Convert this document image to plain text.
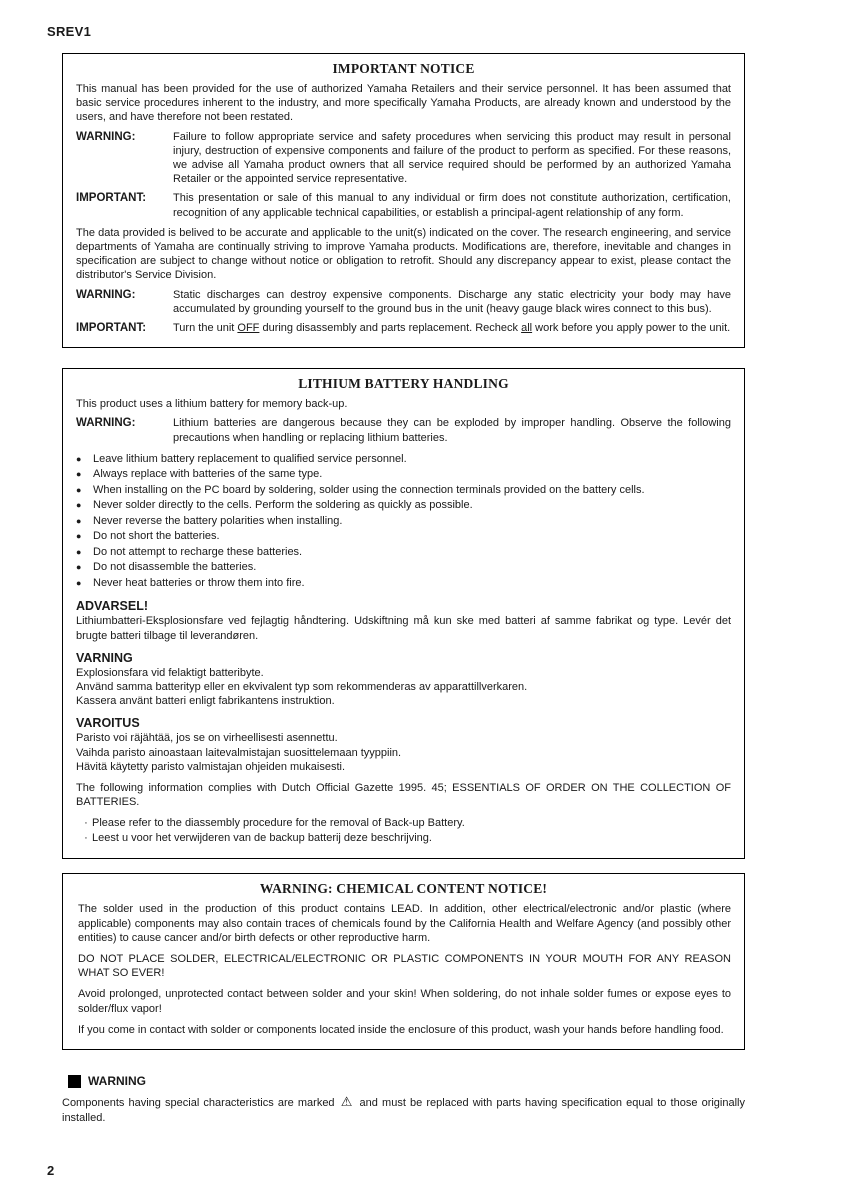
SREV1
IMPORTANT NOTICE
This manual has been provided for the use of authorized Yamaha Retailers and their service personnel. It has been assumed that basic service procedures inherent to the industry, and more specifically Yamaha Products, are already known and understood by the users, and have therefore not been restated.
WARNING:	Failure to follow appropriate service and safety procedures when servicing this product may result in personal injury, destruction of expensive components and failure of the product to perform as specified. For these reasons, we advise all Yamaha product owners that all service required should be performed by an authorized Yamaha Retailer or the appointed service representative.
IMPORTANT:	This presentation or sale of this manual to any individual or firm does not constitute authorization, certification, recognition of any applicable technical capabilities, or establish a principal-agent relationship of any form.
The data provided is belived to be accurate and applicable to the unit(s) indicated on the cover. The research engineering, and service departments of Yamaha are continually striving to improve Yamaha products. Modifications are, therefore, inevitable and changes in specification are subject to change without notice or obligation to retrofit. Should any discrepancy appear to exist, please contact the distributor's Service Division.
WARNING:	Static discharges can destroy expensive components. Discharge any static electricity your body may have accumulated by grounding yourself to the ground bus in the unit (heavy gauge black wires connect to this bus).
IMPORTANT:	Turn the unit OFF during disassembly and parts replacement. Recheck all work before you apply power to the unit.
LITHIUM BATTERY HANDLING
This product uses a lithium battery for memory back-up.
WARNING:	Lithium batteries are dangerous because they can be exploded by improper handling. Observe the following precautions when handling or replacing lithium batteries.
●	Leave lithium battery replacement to qualified service personnel.
●	Always replace with batteries of the same type.
●	When installing on the PC board by soldering, solder using the connection terminals provided on the battery cells.
●	Never solder directly to the cells. Perform the soldering as quickly as possible.
●	Never reverse the battery polarities when installing.
●	Do not short the batteries.
●	Do not attempt to recharge these batteries.
●	Do not disassemble the batteries.
●	Never heat batteries or throw them into fire.
ADVARSEL!
Lithiumbatteri-Eksplosionsfare ved fejlagtig håndtering. Udskiftning må kun ske med batteri af samme fabrikat og type. Levér det brugte batteri tilbage til leverandøren.
VARNING
Explosionsfara vid felaktigt batteribyte.
Använd samma batterityp eller en ekvivalent typ som rekommenderas av apparattillverkaren.
Kassera använt batteri enligt fabrikantens instruktion.
VAROITUS
Paristo voi räjähtää, jos se on virheellisesti asennettu.
Vaihda paristo ainoastaan laitevalmistajan suosittelemaan tyyppiin.
Hävitä käytetty paristo valmistajan ohjeiden mukaisesti.
The following information complies with Dutch Official Gazette 1995. 45; ESSENTIALS OF ORDER ON THE COLLECTION OF BATTERIES.
· Please refer to the diassembly procedure for the removal of Back-up Battery.
· Leest u voor het verwijderen van de backup batterij deze beschrijving.
WARNING: CHEMICAL CONTENT NOTICE!
The solder used in the production of this product contains LEAD. In addition, other electrical/electronic and/or plastic (where applicable) components may also contain traces of chemicals found by the California Health and Welfare Agency (and possibly other entities) to cause cancer and/or birth defects or other reproductive harm.
DO NOT PLACE SOLDER, ELECTRICAL/ELECTRONIC OR PLASTIC COMPONENTS IN YOUR MOUTH FOR ANY REASON WHAT SO EVER!
Avoid prolonged, unprotected contact between solder and your skin! When soldering, do not inhale solder fumes or expose eyes to solder/flux vapor!
If you come in contact with solder or components located inside the enclosure of this product, wash your hands before handling food.
WARNING
Components having special characteristics are marked ⚠ and must be replaced with parts having specification equal to those originally installed.
2
